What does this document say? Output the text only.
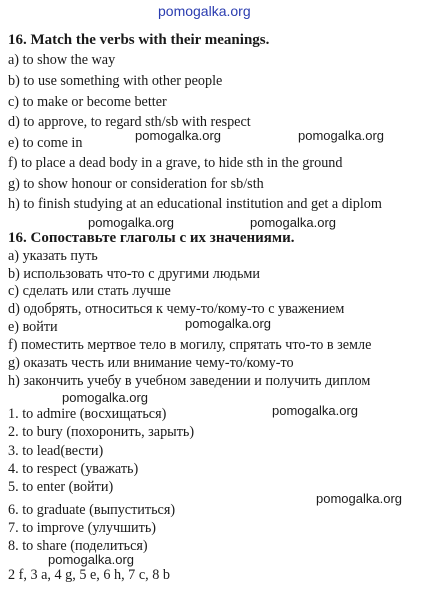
pomogalka.org
16. Match the verbs with their meanings.
a) to show the way
b) to use something with other people
c) to make or become better
d) to approve, to regard sth/sb with respect
pomogalka.org	pomogalka.org
e) to come in
f) to place a dead body in a grave, to hide sth in the ground
g) to show honour or consideration for sb/sth
h) to finish studying at an educational institution and get a diplom
pomogalka.org	pomogalka.org
16. Сопоставьте глаголы с их значениями.
a) указать путь
b) использовать что-то с другими людьми
c) сделать или стать лучше
d) одобрять, относиться к чему-то/кому-то с уважением
pomogalka.org
e) войти
f) поместить мертвое тело в могилу, спрятать что-то в земле
g) оказать честь или внимание чему-то/кому-то
h) закончить учебу в учебном заведении и получить диплом
pomogalka.org
1. to admire (восхищаться)	pomogalka.org
2. to bury (похоронить, зарыть)
3. to lead(вести)
4. to respect (уважать)
5. to enter (войти)
pomogalka.org
6. to graduate (выпуститься)
7. to improve (улучшить)
8. to share (поделиться)
pomogalka.org
2 f, 3 a, 4 g, 5 e, 6 h, 7 c, 8 b
